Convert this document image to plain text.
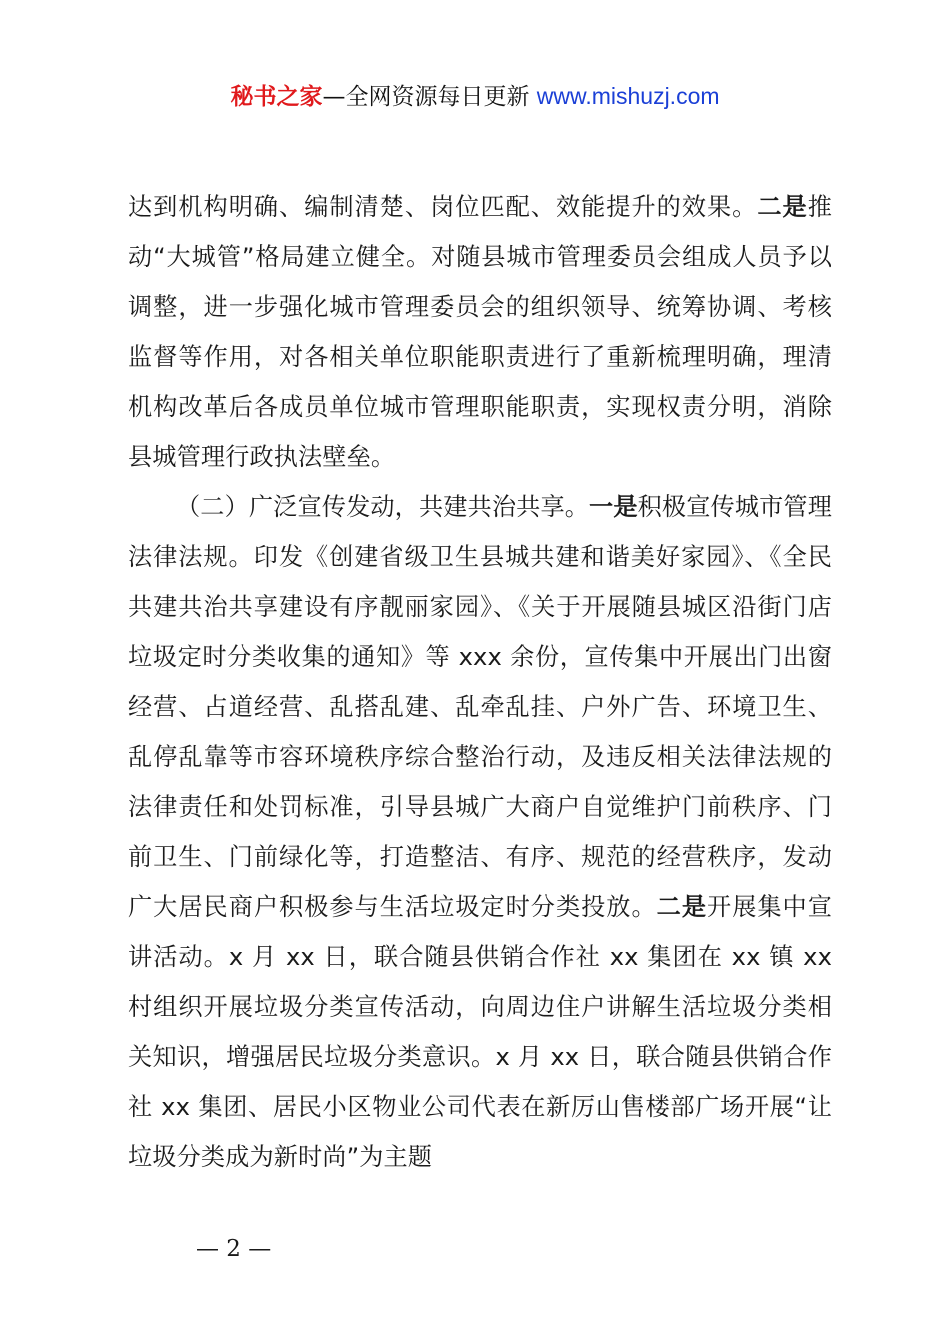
秘书之家—全网资源每日更新 www.mishuzj.com

达到机构明确、编制清楚、岗位匹配、效能提升的效果。二是推动“大城管”格局建立健全。对随县城市管理委员会组成人员予以调整，进一步强化城市管理委员会的组织领导、统筹协调、考核监督等作用，对各相关单位职能职责进行了重新梳理明确，理清机构改革后各成员单位城市管理职能职责，实现权责分明，消除县城管理行政执法壁垒。

（二）广泛宣传发动，共建共治共享。一是积极宣传城市管理法律法规。印发《创建省级卫生县城共建和谐美好家园》、《全民共建共治共享建设有序靓丽家园》、《关于开展随县城区沿街门店垃圾定时分类收集的通知》等 xxx 余份，宣传集中开展出门出窗经营、占道经营、乱搭乱建、乱牵乱挂、户外广告、环境卫生、乱停乱靠等市容环境秩序综合整治行动，及违反相关法律法规的法律责任和处罚标准，引导县城广大商户自觉维护门前秩序、门前卫生、门前绿化等，打造整洁、有序、规范的经营秩序，发动广大居民商户积极参与生活垃圾定时分类投放。二是开展集中宣讲活动。x 月 xx 日，联合随县供销合作社 xx 集团在 xx 镇 xx 村组织开展垃圾分类宣传活动，向周边住户讲解生活垃圾分类相关知识，增强居民垃圾分类意识。x 月 xx 日，联合随县供销合作社 xx 集团、居民小区物业公司代表在新厉山售楼部广场开展“让垃圾分类成为新时尚”为主题

— 2 —
